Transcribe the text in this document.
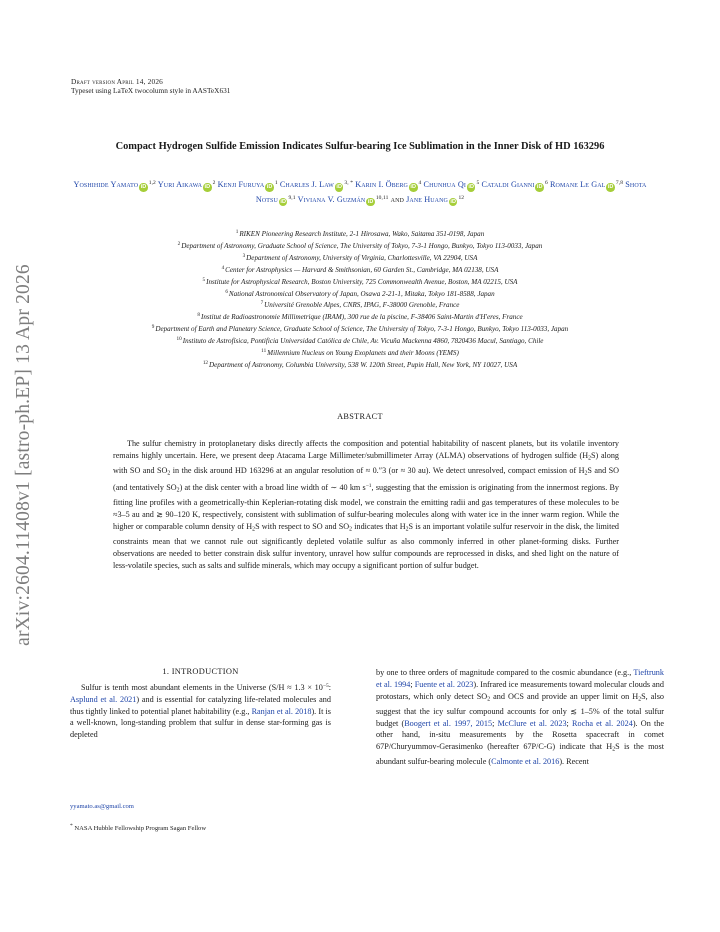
arXiv:2604.11408v1 [astro-ph.EP] 13 Apr 2026
Draft version April 14, 2026
Typeset using LaTeX twocolumn style in AASTeX631
Compact Hydrogen Sulfide Emission Indicates Sulfur-bearing Ice Sublimation in the Inner Disk of HD 163296
Yoshihide Yamato iD$^{1,2}$ Yuri Aikawa $iD^2$ Kenji Furuya $iD^1$ Charles J. Law $iD^{3, *}$ Karin I. Öberg $iD^4$ Chunhua Qi $iD^5$ Cataldi Gianni $iD^6$ Romane Le Gal iD$^{7,8}$ Shota Notsu iD$^{9,1}$ Viviana V. Guzmán iD$^{10,11}$ and Jane Huang $iD^{12}$
$^1$RIKEN Pioneering Research Institute, 2-1 Hirosawa, Wako, Saitama 351-0198, Japan
$^2$Department of Astronomy, Graduate School of Science, The University of Tokyo, 7-3-1 Hongo, Bunkyo, Tokyo 113-0033, Japan
$^3$Department of Astronomy, University of Virginia, Charlottesville, VA 22904, USA
$^4$Center for Astrophysics — Harvard & Smithsonian, 60 Garden St., Cambridge, MA 02138, USA
$^5$Institute for Astrophysical Research, Boston University, 725 Commonwealth Avenue, Boston, MA 02215, USA
$^6$National Astronomical Observatory of Japan, Osawa 2-21-1, Mitaka, Tokyo 181-8588, Japan
$^7$Université Grenoble Alpes, CNRS, IPAG, F-38000 Grenoble, France
$^8$Institut de Radioastronomie Millimetrique (IRAM), 300 rue de la piscine, F-38406 Saint-Martin d'H'eres, France
$^9$Department of Earth and Planetary Science, Graduate School of Science, The University of Tokyo, 7-3-1 Hongo, Bunkyo, Tokyo 113-0033, Japan
$^{10}$Instituto de Astrofísica, Pontificia Universidad Católica de Chile, Av. Vicuña Mackenna 4860, 7820436 Macul, Santiago, Chile
$^{11}$Millennium Nucleus on Young Exoplanets and their Moons (YEMS)
$^{12}$Department of Astronomy, Columbia University, 538 W. 120th Street, Pupin Hall, New York, NY 10027, USA
ABSTRACT

The sulfur chemistry in protoplanetary disks directly affects the composition and potential habitability of nascent planets, but its volatile inventory remains highly uncertain. Here, we present deep Atacama Large Millimeter/submillimeter Array (ALMA) observations of hydrogen sulfide $(H_2S)$ along with SO and $SO_2$ in the disk around HD 163296 at an angular resolution of ≈ 0.″3 (or ≈ 30 au). We detect unresolved, compact emission of $H_2S$ and SO (and tentatively $SO_2$) at the disk center with a broad line width of ∼ 40 km $s^{-1}$, suggesting that the emission is originating from the innermost regions. By fitting line profiles with a geometrically-thin Keplerian-rotating disk model, we constrain the emitting radii and gas temperatures of these molecules to be ≈3–5 au and ≳ 90–120 K, respectively, consistent with sublimation of sulfur-bearing molecules along with water ice in the inner warm region. While the higher or comparable column density of $H_2S$ with respect to SO and $SO_2$ indicates that $H_2S$ is an important volatile sulfur reservoir in the disk, the limited constraints mean that we cannot rule out significantly depleted volatile sulfur as also commonly inferred in other planet-forming disks. Further observations are needed to better constrain disk sulfur inventory, unravel how sulfur compounds are reprocessed in disks, and shed light on the nature of less-volatile species, such as salts and sulfide minerals, which may occupy a significant portion of sulfur budget.

1. INTRODUCTION

Sulfur is tenth most abundant elements in the Universe ($S/H \approx 1.3 \times 10^{-5}$: Asplund et al. 2021) and is essential for catalyzing life-related molecules and thus tightly linked to potential planet habitability (e.g., Ranjan et al. 2018). It is a well-known, long-standing problem that sulfur in dense star-forming gas is depleted

yyamato.as@gmail.com
* NASA Hubble Fellowship Program Sagan Fellow

by one to three orders of magnitude compared to the cosmic abundance (e.g., Tieftrunk et al. 1994; Fuente et al. 2023). Infrared ice measurements toward molecular clouds and protostars, which only detect $SO_2$ and OCS and provide an upper limit on $H_2S$, also suggest that the icy sulfur compound accounts for only ≲ 1–5% of the total sulfur budget (Boogert et al. 1997, 2015; McClure et al. 2023; Rocha et al. 2024). On the other hand, in-situ measurements by the Rosetta spacecraft in comet 67P/Churyummov-Gerasimenko (hereafter 67P/C-G) indicate that $H_2S$ is the most abundant sulfur-bearing molecule (Calmonte et al. 2016). Recent
